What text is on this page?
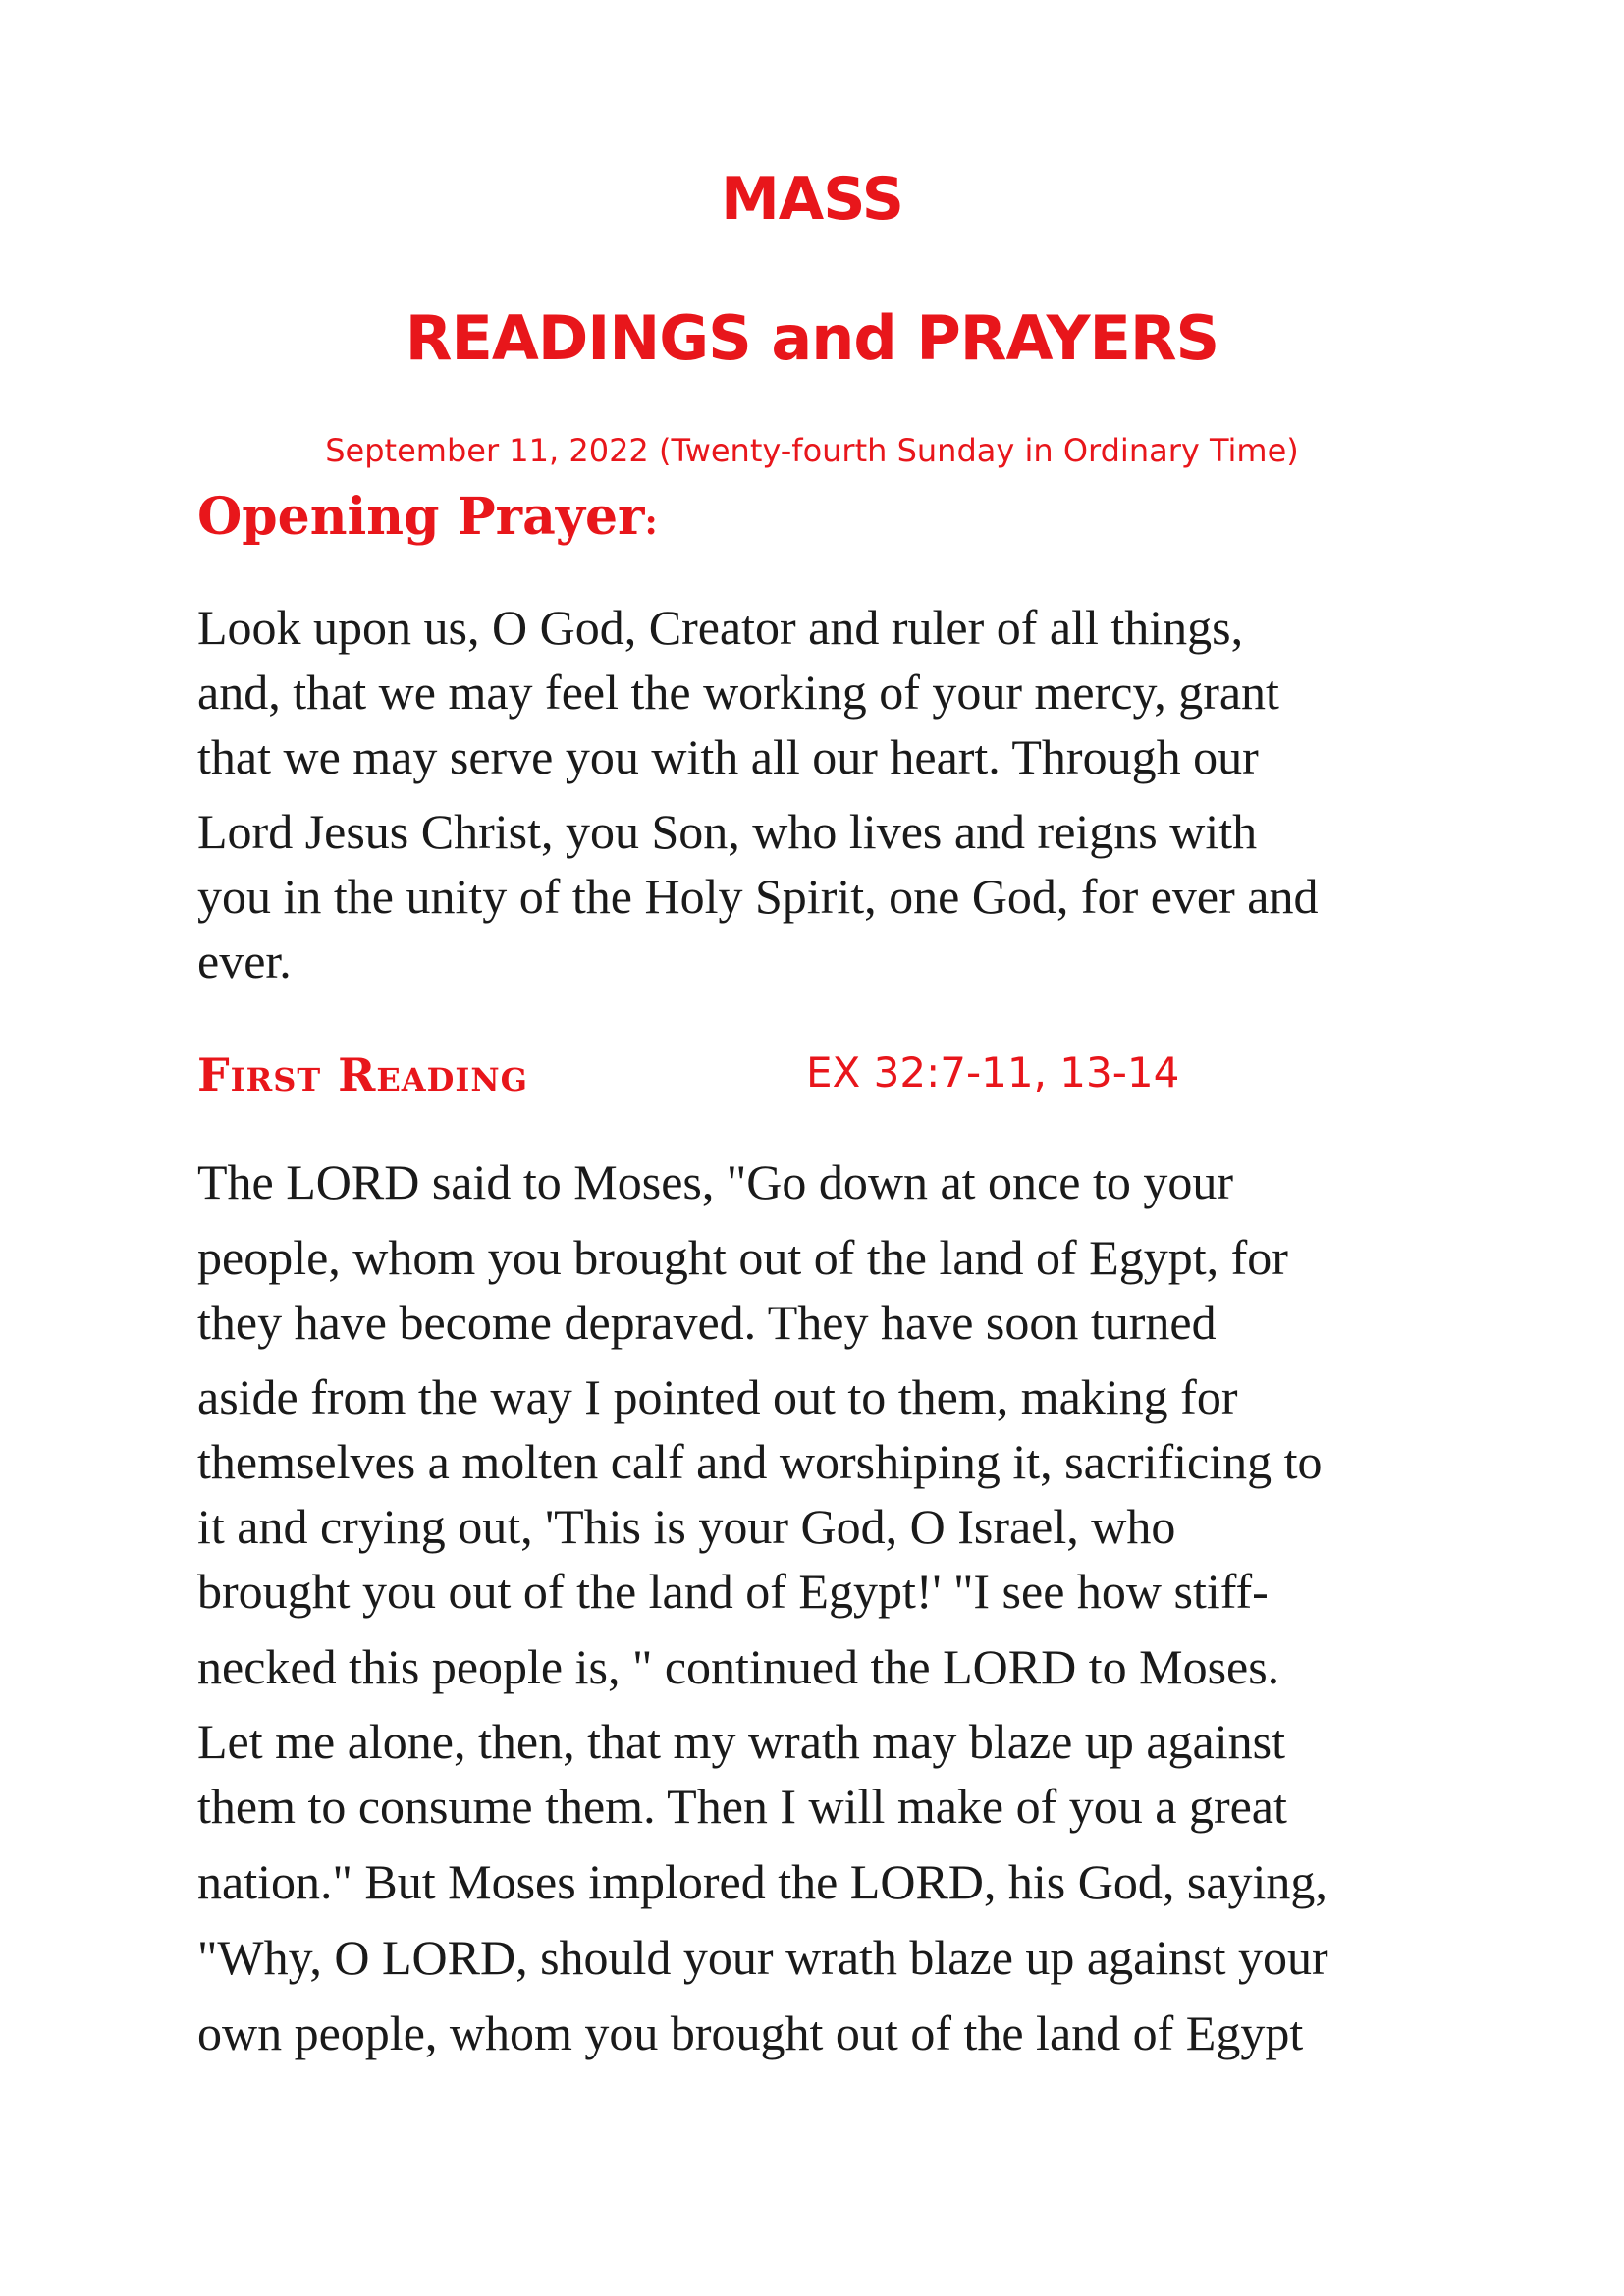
MASS
READINGS and PRAYERS
September 11, 2022 (Twenty-fourth Sunday in Ordinary Time)
Opening Prayer:
Look upon us, O God, Creator and ruler of all things,
and, that we may feel the working of your mercy, grant
that we may serve you with all our heart. Through our
Lord Jesus Christ, you Son, who lives and reigns with
you in the unity of the Holy Spirit, one God, for ever and
ever.
First Reading	EX 32:7-11, 13-14
The LORD said to Moses, "Go down at once to your
people, whom you brought out of the land of Egypt, for
they have become depraved. They have soon turned
aside from the way I pointed out to them, making for
themselves a molten calf and worshiping it, sacrificing to
it and crying out, 'This is your God, O Israel, who
brought you out of the land of Egypt!' "I see how stiff-
necked this people is, " continued the LORD to Moses.
Let me alone, then, that my wrath may blaze up against
them to consume them. Then I will make of you a great
nation." But Moses implored the LORD, his God, saying,
"Why, O LORD, should your wrath blaze up against your
own people, whom you brought out of the land of Egypt
